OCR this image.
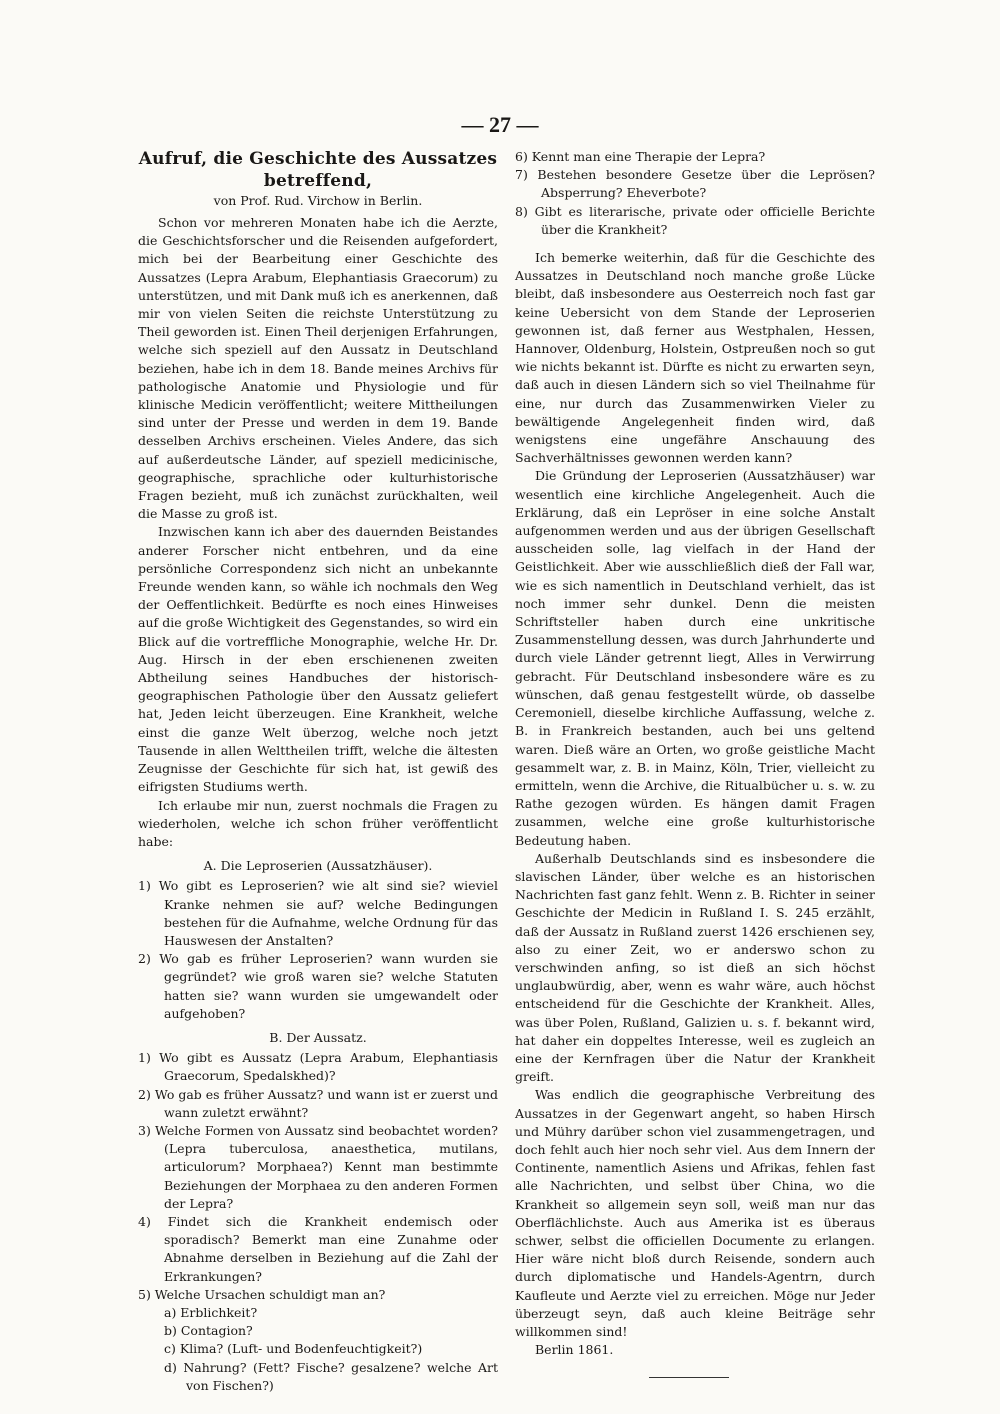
— 27 —
Aufruf, die Geschichte des Aussatzes betreffend,
von Prof. Rud. Virchow in Berlin.

Schon vor mehreren Monaten habe ich die Aerzte, die Geschichtsforscher und die Reisenden aufgefordert, mich bei der Bearbeitung einer Geschichte des Aussatzes (Lepra Arabum, Elephantiasis Graecorum) zu unterstützen, und mit Dank muß ich es anerkennen, daß mir von vielen Seiten die reichste Unterstützung zu Theil geworden ist. Einen Theil derjenigen Erfahrungen, welche sich speziell auf den Aussatz in Deutschland beziehen, habe ich in dem 18. Bande meines Archivs für pathologische Anatomie und Physiologie und für klinische Medicin veröffentlicht; weitere Mittheilungen sind unter der Presse und werden in dem 19. Bande desselben Archivs erscheinen. Vieles Andere, das sich auf außerdeutsche Länder, auf speziell medicinische, geographische, sprachliche oder kulturhistorische Fragen bezieht, muß ich zunächst zurückhalten, weil die Masse zu groß ist.

Inzwischen kann ich aber des dauernden Beistandes anderer Forscher nicht entbehren, und da eine persönliche Correspondenz sich nicht an unbekannte Freunde wenden kann, so wähle ich nochmals den Weg der Oeffentlichkeit. Bedürfte es noch eines Hinweises auf die große Wichtigkeit des Gegenstandes, so wird ein Blick auf die vortreffliche Monographie, welche Hr. Dr. Aug. Hirsch in der eben erschienenen zweiten Abtheilung seines Handbuches der historisch-geographischen Pathologie über den Aussatz geliefert hat, Jeden leicht überzeugen. Eine Krankheit, welche einst die ganze Welt überzog, welche noch jetzt Tausende in allen Welttheilen trifft, welche die ältesten Zeugnisse der Geschichte für sich hat, ist gewiß des eifrigsten Studiums werth.

Ich erlaube mir nun, zuerst nochmals die Fragen zu wiederholen, welche ich schon früher veröffentlicht habe:

A. Die Leproserien (Aussatzhäuser).
1) Wo gibt es Leproserien? wie alt sind sie? wieviel Kranke nehmen sie auf? welche Bedingungen bestehen für die Aufnahme, welche Ordnung für das Hauswesen der Anstalten?
2) Wo gab es früher Leproserien? wann wurden sie gegründet? wie groß waren sie? welche Statuten hatten sie? wann wurden sie umgewandelt oder aufgehoben?
B. Der Aussatz.
1) Wo gibt es Aussatz (Lepra Arabum, Elephantiasis Graecorum, Spedalskhed)?
2) Wo gab es früher Aussatz? und wann ist er zuerst und wann zuletzt erwähnt?
3) Welche Formen von Aussatz sind beobachtet worden? (Lepra tuberculosa, anaesthetica, mutilans, articulorum? Morphaea?) Kennt man bestimmte Beziehungen der Morphaea zu den anderen Formen der Lepra?
4) Findet sich die Krankheit endemisch oder sporadisch? Bemerkt man eine Zunahme oder Abnahme derselben in Beziehung auf die Zahl der Erkrankungen?
5) Welche Ursachen schuldigt man an?
a) Erblichkeit?
b) Contagion?
c) Klima? (Luft- und Bodenfeuchtigkeit?)
d) Nahrung? (Fett? Fische? gesalzene? welche Art von Fischen?)
6) Kennt man eine Therapie der Lepra?
7) Bestehen besondere Gesetze über die Leprösen? Absperrung? Eheverbote?
8) Gibt es literarische, private oder officielle Berichte über die Krankheit?

Ich bemerke weiterhin, daß für die Geschichte des Aussatzes in Deutschland noch manche große Lücke bleibt, daß insbesondere aus Oesterreich noch fast gar keine Uebersicht von dem Stande der Leproserien gewonnen ist, daß ferner aus Westphalen, Hessen, Hannover, Oldenburg, Holstein, Ostpreußen noch so gut wie nichts bekannt ist. Dürfte es nicht zu erwarten seyn, daß auch in diesen Ländern sich so viel Theilnahme für eine, nur durch das Zusammenwirken Vieler zu bewältigende Angelegenheit finden wird, daß wenigstens eine ungefähre Anschauung des Sachverhältnisses gewonnen werden kann?

Die Gründung der Leproserien (Aussatzhäuser) war wesentlich eine kirchliche Angelegenheit. Auch die Erklärung, daß ein Lepröser in eine solche Anstalt aufgenommen werden und aus der übrigen Gesellschaft ausscheiden solle, lag vielfach in der Hand der Geistlichkeit. Aber wie ausschließlich dieß der Fall war, wie es sich namentlich in Deutschland verhielt, das ist noch immer sehr dunkel. Denn die meisten Schriftsteller haben durch eine unkritische Zusammenstellung dessen, was durch Jahrhunderte und durch viele Länder getrennt liegt, Alles in Verwirrung gebracht. Für Deutschland insbesondere wäre es zu wünschen, daß genau festgestellt würde, ob dasselbe Ceremoniell, dieselbe kirchliche Auffassung, welche z. B. in Frankreich bestanden, auch bei uns geltend waren. Dieß wäre an Orten, wo große geistliche Macht gesammelt war, z. B. in Mainz, Köln, Trier, vielleicht zu ermitteln, wenn die Archive, die Ritualbücher u. s. w. zu Rathe gezogen würden. Es hängen damit Fragen zusammen, welche eine große kulturhistorische Bedeutung haben.

Außerhalb Deutschlands sind es insbesondere die slavischen Länder, über welche es an historischen Nachrichten fast ganz fehlt. Wenn z. B. Richter in seiner Geschichte der Medicin in Rußland I. S. 245 erzählt, daß der Aussatz in Rußland zuerst 1426 erschienen sey, also zu einer Zeit, wo er anderswo schon zu verschwinden anfing, so ist dieß an sich höchst unglaubwürdig, aber, wenn es wahr wäre, auch höchst entscheidend für die Geschichte der Krankheit. Alles, was über Polen, Rußland, Galizien u. s. f. bekannt wird, hat daher ein doppeltes Interesse, weil es zugleich an eine der Kernfragen über die Natur der Krankheit greift.

Was endlich die geographische Verbreitung des Aussatzes in der Gegenwart angeht, so haben Hirsch und Mühry darüber schon viel zusammengetragen, und doch fehlt auch hier noch sehr viel. Aus dem Innern der Continente, namentlich Asiens und Afrikas, fehlen fast alle Nachrichten, und selbst über China, wo die Krankheit so allgemein seyn soll, weiß man nur das Oberflächlichste. Auch aus Amerika ist es überaus schwer, selbst die officiellen Documente zu erlangen. Hier wäre nicht bloß durch Reisende, sondern auch durch diplomatische und Handels-Agentrn, durch Kaufleute und Aerzte viel zu erreichen. Möge nur Jeder überzeugt seyn, daß auch kleine Beiträge sehr willkommen sind!

Berlin 1861.
